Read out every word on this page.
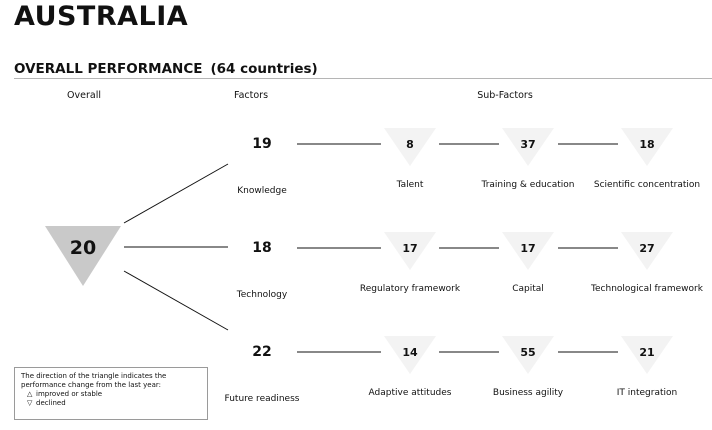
AUSTRALIA
OVERALL PERFORMANCE (64 countries)
Overall	Factors	Sub-Factors
19
Knowledge
18
Technology
22
Future readiness
20
8
Talent
37
Training & education
18
Scientific concentration
17
Regulatory framework
17
Capital
27
Technological framework
14
Adaptive attitudes
55
Business agility
21
IT integration
The direction of the triangle indicates the performance change from the last year:
△ improved or stable
▽ declined
